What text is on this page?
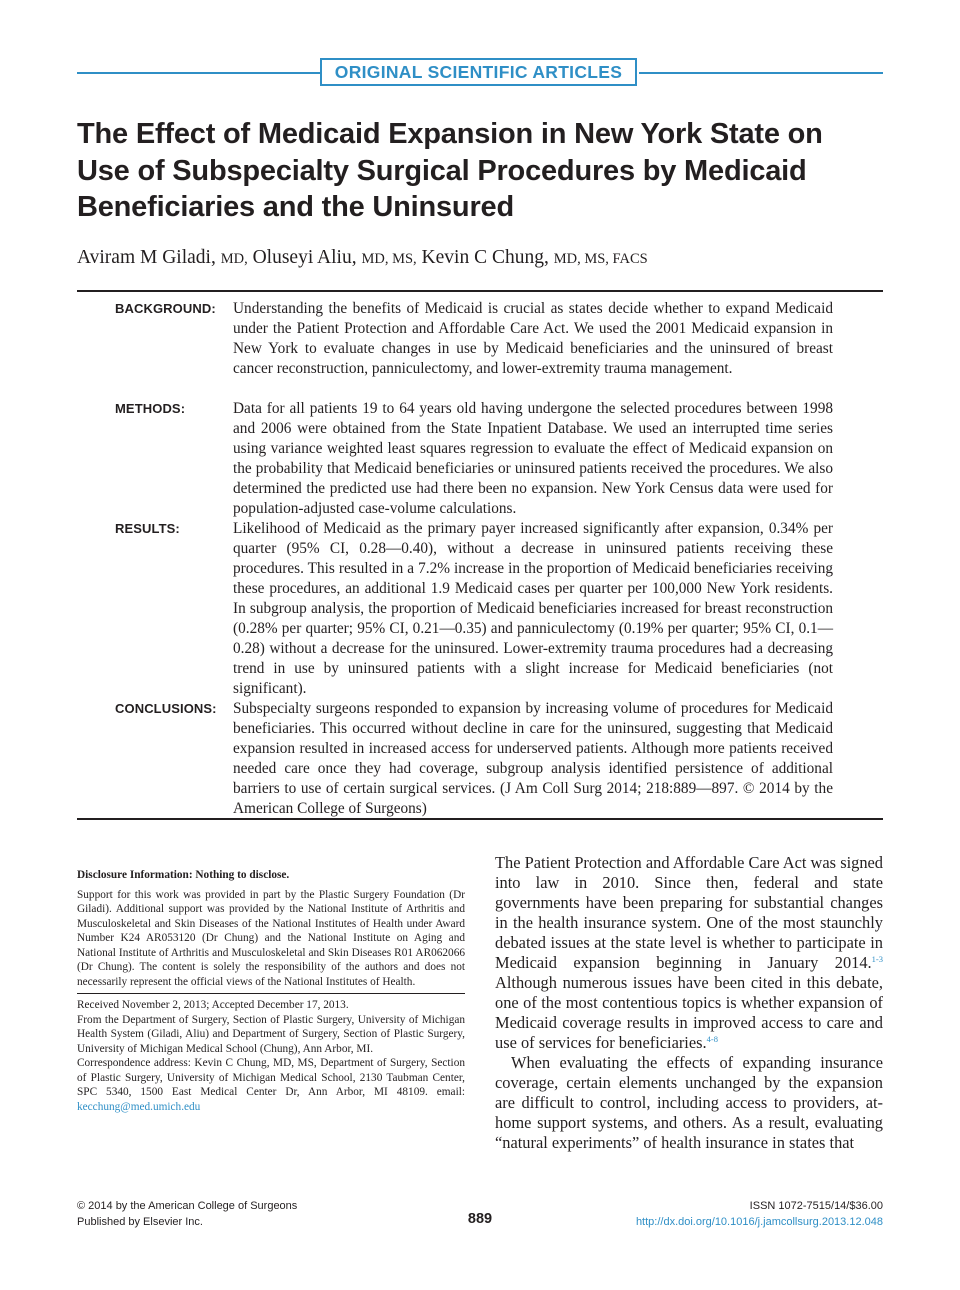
ORIGINAL SCIENTIFIC ARTICLES
The Effect of Medicaid Expansion in New York State on Use of Subspecialty Surgical Procedures by Medicaid Beneficiaries and the Uninsured
Aviram M Giladi, MD, Oluseyi Aliu, MD, MS, Kevin C Chung, MD, MS, FACS
BACKGROUND: Understanding the benefits of Medicaid is crucial as states decide whether to expand Medicaid under the Patient Protection and Affordable Care Act. We used the 2001 Medicaid expansion in New York to evaluate changes in use by Medicaid beneficiaries and the uninsured of breast cancer reconstruction, panniculectomy, and lower-extremity trauma management.

METHODS:	Data for all patients 19 to 64 years old having undergone the selected procedures between 1998 and 2006 were obtained from the State Inpatient Database. We used an interrupted time series using variance weighted least squares regression to evaluate the effect of Medicaid expansion on the probability that Medicaid beneficiaries or uninsured patients received the procedures. We also determined the predicted use had there been no expansion. New York Census data were used for population-adjusted case-volume calculations.

RESULTS:	Likelihood of Medicaid as the primary payer increased significantly after expansion, 0.34% per quarter (95% CI, 0.28—0.40), without a decrease in uninsured patients receiving these procedures. This resulted in a 7.2% increase in the proportion of Medicaid beneficiaries receiving these procedures, an additional 1.9 Medicaid cases per quarter per 100,000 New York residents. In subgroup analysis, the proportion of Medicaid beneficiaries increased for breast reconstruction (0.28% per quarter; 95% CI, 0.21—0.35) and panniculectomy (0.19% per quarter; 95% CI, 0.1—0.28) without a decrease for the uninsured. Lower-extremity trauma procedures had a decreasing trend in use by uninsured patients with a slight increase for Medicaid beneficiaries (not significant).

CONCLUSIONS: Subspecialty surgeons responded to expansion by increasing volume of procedures for Medicaid beneficiaries. This occurred without decline in care for the uninsured, suggesting that Medicaid expansion resulted in increased access for underserved patients. Although more patients received needed care once they had coverage, subgroup analysis identified persistence of additional barriers to use of certain surgical services. (J Am Coll Surg 2014; 218:889—897. © 2014 by the American College of Surgeons)

Disclosure Information: Nothing to disclose.

Support for this work was provided in part by the Plastic Surgery Foundation (Dr Giladi). Additional support was provided by the National Institute of Arthritis and Musculoskeletal and Skin Diseases of the National Institutes of Health under Award Number K24 AR053120 (Dr Chung) and the National Institute on Aging and National Institute of Arthritis and Musculoskeletal and Skin Diseases R01 AR062066 (Dr Chung). The content is solely the responsibility of the authors and does not necessarily represent the official views of the National Institutes of Health.

Received November 2, 2013; Accepted December 17, 2013.

From the Department of Surgery, Section of Plastic Surgery, University of Michigan Health System (Giladi, Aliu) and Department of Surgery, Section of Plastic Surgery, University of Michigan Medical School (Chung), Ann Arbor, MI.

Correspondence address: Kevin C Chung, MD, MS, Department of Surgery, Section of Plastic Surgery, University of Michigan Medical School, 2130 Taubman Center, SPC 5340, 1500 East Medical Center Dr, Ann Arbor, MI 48109. email: kecchung@med.umich.edu

The Patient Protection and Affordable Care Act was signed into law in 2010. Since then, federal and state governments have been preparing for substantial changes in the health insurance system. One of the most staunchly debated issues at the state level is whether to participate in Medicaid expansion beginning in January 2014.$^{1-3}$ Although numerous issues have been cited in this debate, one of the most contentious topics is whether expansion of Medicaid coverage results in improved access to care and use of services for beneficiaries.$^{4-8}$

When evaluating the effects of expanding insurance coverage, certain elements unchanged by the expansion are difficult to control, including access to providers, at-home support systems, and others. As a result, evaluating “natural experiments” of health insurance in states that

© 2014 by the American College of Surgeons
Published by Elsevier Inc.	889
ISSN 1072-7515/14/$36.00
http://dx.doi.org/10.1016/j.jamcollsurg.2013.12.048
